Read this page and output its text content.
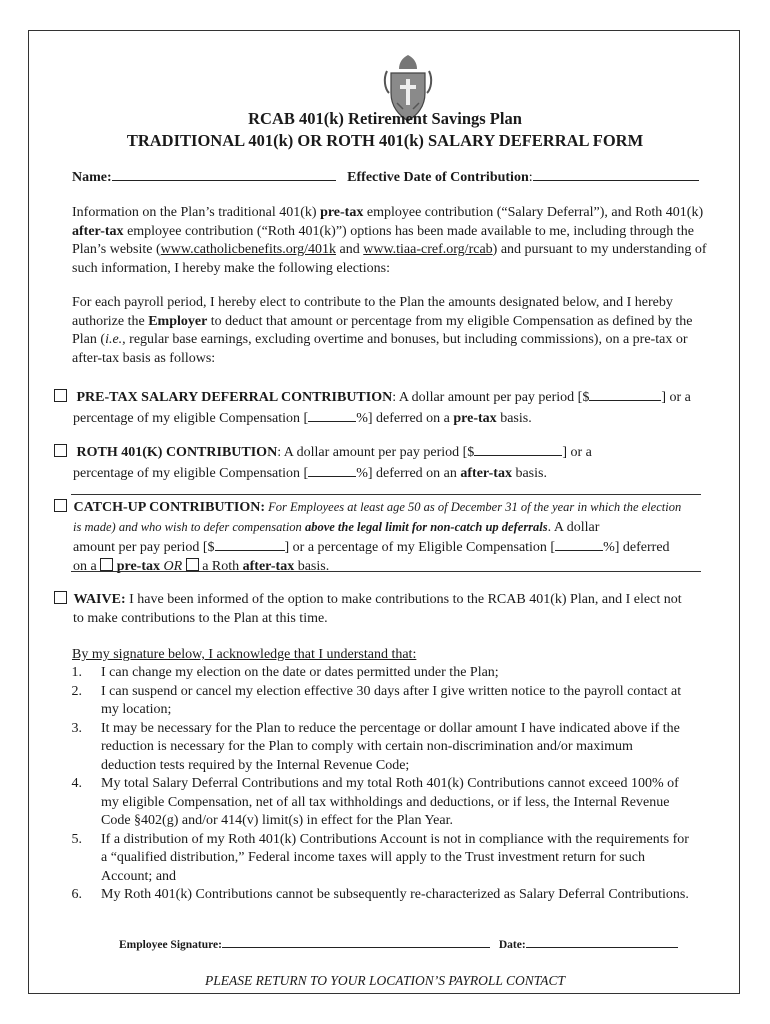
RCAB 401(k) Retirement Savings Plan
TRADITIONAL 401(k) OR ROTH 401(k) SALARY DEFERRAL FORM
Name:	Effective Date of Contribution:
Information on the Plan’s traditional 401(k) pre-tax employee contribution (“Salary Deferral”), and Roth 401(k) after-tax employee contribution (“Roth 401(k)”) options has been made available to me, including through the Plan’s website (www.catholicbenefits.org/401k and www.tiaa-cref.org/rcab) and pursuant to my understanding of such information, I hereby make the following elections:
For each payroll period, I hereby elect to contribute to the Plan the amounts designated below, and I hereby authorize the Employer to deduct that amount or percentage from my eligible Compensation as defined by the Plan (i.e., regular base earnings, excluding overtime and bonuses, but including commissions), on a pre-tax or after-tax basis as follows:
PRE-TAX SALARY DEFERRAL CONTRIBUTION: A dollar amount per pay period [$	] or a
percentage of my eligible Compensation [	%] deferred on a pre-tax basis.
ROTH 401(K) CONTRIBUTION: A dollar amount per pay period [$	] or a
percentage of my eligible Compensation [	%] deferred on an after-tax basis.
CATCH-UP CONTRIBUTION: For Employees at least age 50 as of December 31 of the year in which the election
is made) and who wish to defer compensation above the legal limit for non-catch up deferrals. A dollar
amount per pay period [$	] or a percentage of my Eligible Compensation [	%] deferred
on a  pre-tax OR  a Roth after-tax basis.
WAIVE: I have been informed of the option to make contributions to the RCAB 401(k) Plan, and I elect not
to make contributions to the Plan at this time.
By my signature below, I acknowledge that I understand that:
1. I can change my election on the date or dates permitted under the Plan;
2. I can suspend or cancel my election effective 30 days after I give written notice to the payroll contact at my location;
3. It may be necessary for the Plan to reduce the percentage or dollar amount I have indicated above if the reduction is necessary for the Plan to comply with certain non-discrimination and/or maximum deduction tests required by the Internal Revenue Code;
4. My total Salary Deferral Contributions and my total Roth 401(k) Contributions cannot exceed 100% of my eligible Compensation, net of all tax withholdings and deductions, or if less, the Internal Revenue Code §402(g) and/or 414(v) limit(s) in effect for the Plan Year.
5. If a distribution of my Roth 401(k) Contributions Account is not in compliance with the requirements for a “qualified distribution,” Federal income taxes will apply to the Trust investment return for such Account; and
6. My Roth 401(k) Contributions cannot be subsequently re-characterized as Salary Deferral Contributions.
Employee Signature:	Date:
PLEASE RETURN TO YOUR LOCATION’S PAYROLL CONTACT
